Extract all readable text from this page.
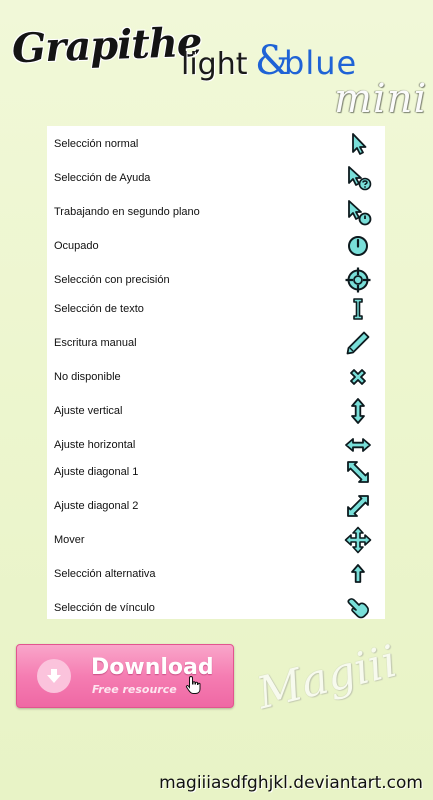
Grapithe
light &
blue
mini
Selección normal
Selección de Ayuda
Trabajando en segundo plano
Ocupado
Selección con precisión
Selección de texto
Escritura manual
No disponible
Ajuste vertical
Ajuste horizontal
Ajuste diagonal 1
Ajuste diagonal 2
Mover
Selección alternativa
Selección de vínculo
Download
Free resource Magiii
magiiiasdfghjkl.deviantart.com
